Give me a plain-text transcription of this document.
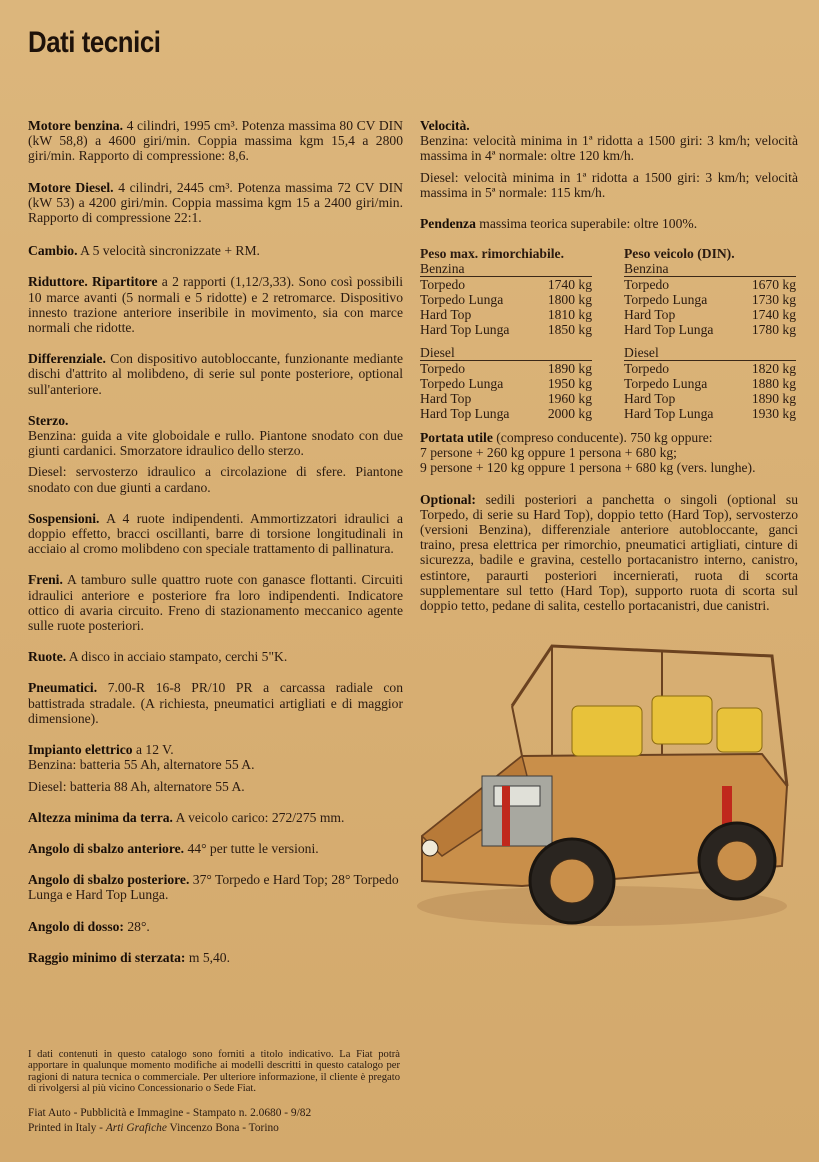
Dati tecnici

Motore benzina. 4 cilindri, 1995 cm³. Potenza massima 80 CV DIN (kW 58,8) a 4600 giri/min. Coppia massima kgm 15,4 a 2800 giri/min. Rapporto di compressione: 8,6.

Motore Diesel. 4 cilindri, 2445 cm³. Potenza massima 72 CV DIN (kW 53) a 4200 giri/min. Coppia massima kgm 15 a 2400 giri/min. Rapporto di compressione 22:1.

Cambio. A 5 velocità sincronizzate + RM.

Riduttore. Ripartitore a 2 rapporti (1,12/3,33). Sono così possibili 10 marce avanti (5 normali e 5 ridotte) e 2 retromarce. Dispositivo innesto trazione anteriore inseribile in movimento, sia con marce normali che ridotte.

Differenziale. Con dispositivo autobloccante, funzionante mediante dischi d'attrito al molibdeno, di serie sul ponte posteriore, optional sull'anteriore.

Sterzo.

Benzina: guida a vite globoidale e rullo. Piantone snodato con due giunti cardanici. Smorzatore idraulico dello sterzo.

Diesel: servosterzo idraulico a circolazione di sfere. Piantone snodato con due giunti a cardano.

Sospensioni. A 4 ruote indipendenti. Ammortizzatori idraulici a doppio effetto, bracci oscillanti, barre di torsione longitudinali in acciaio al cromo molibdeno con speciale trattamento di pallinatura.

Freni. A tamburo sulle quattro ruote con ganasce flottanti. Circuiti idraulici anteriore e posteriore fra loro indipendenti. Indicatore ottico di avaria circuito. Freno di stazionamento meccanico agente sulle ruote posteriori.

Ruote. A disco in acciaio stampato, cerchi 5"K.

Pneumatici. 7.00-R 16-8 PR/10 PR a carcassa radiale con battistrada stradale. (A richiesta, pneumatici artigliati e di maggior dimensione).

Impianto elettrico a 12 V.

Benzina: batteria 55 Ah, alternatore 55 A.

Diesel: batteria 88 Ah, alternatore 55 A.

Altezza minima da terra. A veicolo carico: 272/275 mm.

Angolo di sbalzo anteriore. 44° per tutte le versioni.

Angolo di sbalzo posteriore. 37° Torpedo e Hard Top; 28° Torpedo Lunga e Hard Top Lunga.

Angolo di dosso: 28°.

Raggio minimo di sterzata: m 5,40.

Velocità.

Benzina: velocità minima in 1ª ridotta a 1500 giri: 3 km/h; velocità massima in 4ª normale: oltre 120 km/h.

Diesel: velocità minima in 1ª ridotta a 1500 giri: 3 km/h; velocità massima in 5ª normale: 115 km/h.

Pendenza massima teorica superabile: oltre 100%.

Peso max. rimorchiabile.
Benzina
Torpedo	1740 kg
Torpedo Lunga	1800 kg
Hard Top	1810 kg
Hard Top Lunga	1850 kg
Diesel
Torpedo	1890 kg
Torpedo Lunga	1950 kg
Hard Top	1960 kg
Hard Top Lunga	2000 kg
Peso veicolo (DIN).
Benzina
Torpedo	1670 kg
Torpedo Lunga	1730 kg
Hard Top	1740 kg
Hard Top Lunga	1780 kg
Diesel
Torpedo	1820 kg
Torpedo Lunga	1880 kg
Hard Top	1890 kg
Hard Top Lunga	1930 kg

Portata utile (compreso conducente). 750 kg oppure:

7 persone + 260 kg oppure 1 persona + 680 kg;

9 persone + 120 kg oppure 1 persona + 680 kg (vers. lunghe).

Optional: sedili posteriori a panchetta o singoli (optional su Torpedo, di serie su Hard Top), doppio tetto (Hard Top), servosterzo (versioni Benzina), differenziale anteriore autobloccante, ganci traino, presa elettrica per rimorchio, pneumatici artigliati, cinture di sicurezza, badile e gravina, cestello portacanistro interno, canistro, estintore, paraurti posteriori incernierati, ruota di scorta supplementare sul tetto (Hard Top), supporto ruota di scorta sul doppio tetto, pedane di salita, cestello portacanistri, due canistri.

I dati contenuti in questo catalogo sono forniti a titolo indicativo. La Fiat potrà apportare in qualunque momento modifiche ai modelli descritti in questo catalogo per ragioni di natura tecnica o commerciale. Per ulteriore informazione, il cliente è pregato di rivolgersi al più vicino Concessionario o Sede Fiat.

Fiat Auto - Pubblicità e Immagine - Stampato n. 2.0680 - 9/82
Printed in Italy - Arti Grafiche Vincenzo Bona - Torino
